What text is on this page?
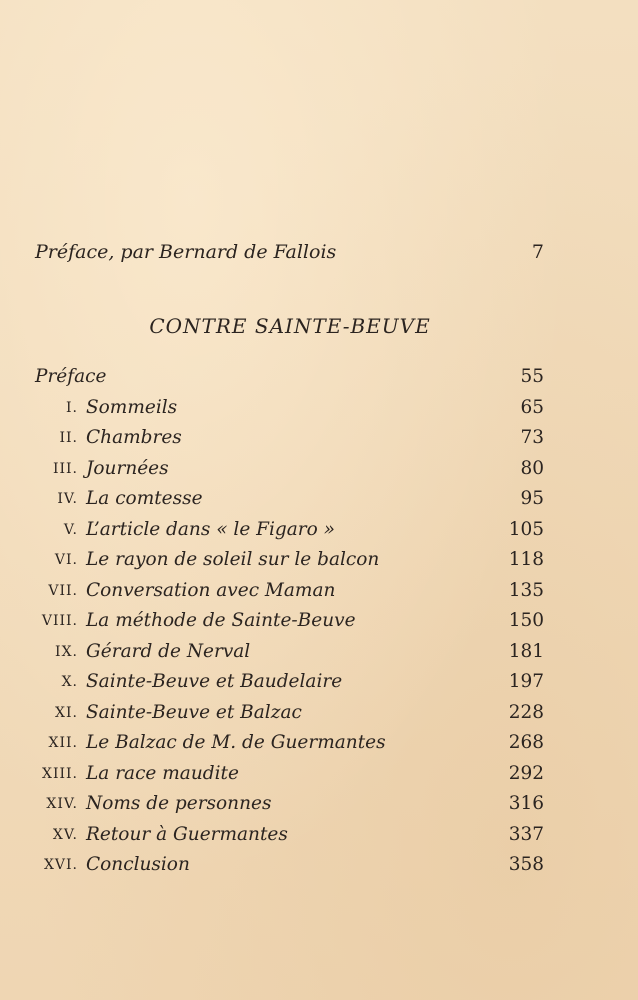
Préface, par Bernard de Fallois	7
CONTRE SAINTE-BEUVE
Préface	55
I. Sommeils	65
II. Chambres	73
III. Journées	80
IV. La comtesse	95
V. L’article dans « le Figaro »	105
VI. Le rayon de soleil sur le balcon	118
VII. Conversation avec Maman	135
VIII. La méthode de Sainte-Beuve	150
IX. Gérard de Nerval	181
X. Sainte-Beuve et Baudelaire	197
XI. Sainte-Beuve et Balzac	228
XII. Le Balzac de M. de Guermantes	268
XIII. La race maudite	292
XIV. Noms de personnes	316
XV. Retour à Guermantes	337
XVI. Conclusion	358
